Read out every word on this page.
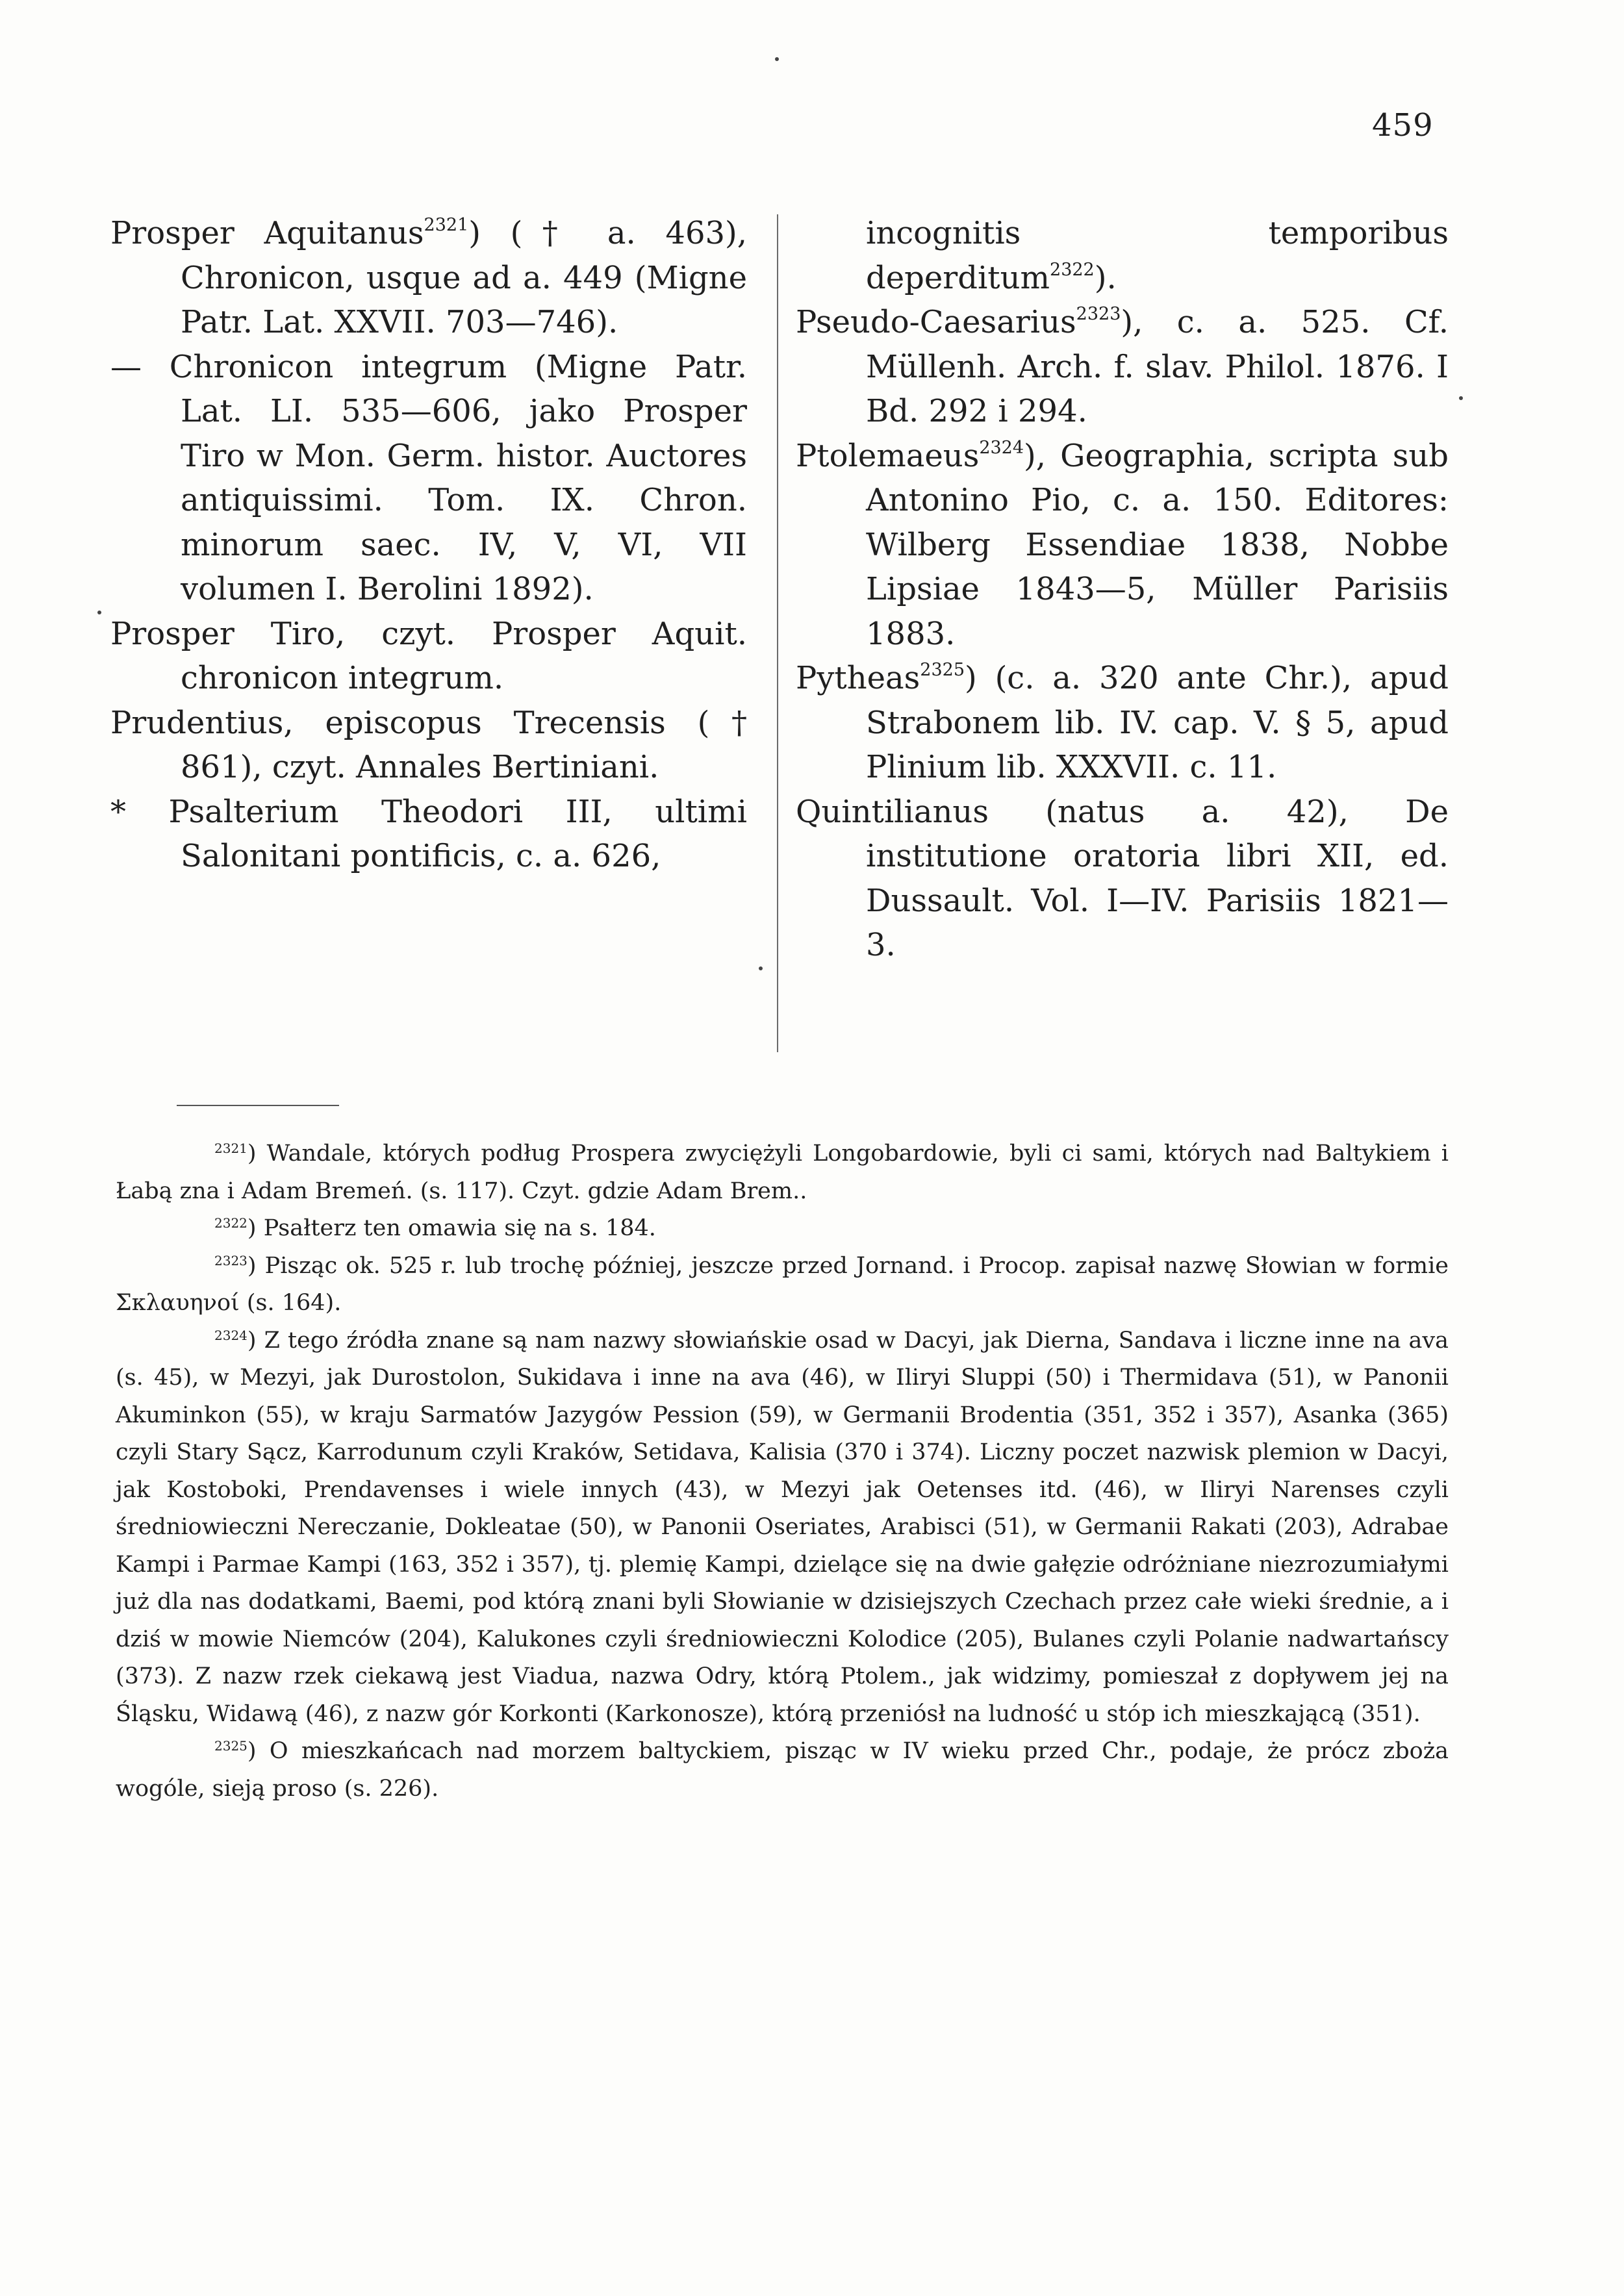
459

Prosper Aquitanus$^{2321}$) († a. 463), Chronicon, usque ad a. 449 (Migne Patr. Lat. XXVII. 703—746).

— Chronicon integrum (Migne Patr. Lat. LI. 535—606, jako Prosper Tiro w Mon. Germ. histor. Auctores antiquissimi. Tom. IX. Chron. minorum saec. IV, V, VI, VII volumen I. Berolini 1892).

Prosper Tiro, czyt. Prosper Aquit. chronicon integrum.

Prudentius, episcopus Trecensis († 861), czyt. Annales Bertiniani.

* Psalterium Theodori III, ultimi Salonitani pontificis, c. a. 626,

incognitis temporibus deperditum$^{2322}$).

Pseudo-Caesarius$^{2323}$), c. a. 525. Cf. Müllenh. Arch. f. slav. Philol. 1876. I Bd. 292 i 294.

Ptolemaeus$^{2324}$), Geographia, scripta sub Antonino Pio, c. a. 150. Editores: Wilberg Essendiae 1838, Nobbe Lipsiae 1843—5, Müller Parisiis 1883.

Pytheas$^{2325}$) (c. a. 320 ante Chr.), apud Strabonem lib. IV. cap. V. § 5, apud Plinium lib. XXXVII. c. 11.

Quintilianus (natus a. 42), De institutione oratoria libri XII, ed. Dussault. Vol. I—IV. Parisiis 1821—3.

$^{2321}$) Wandale, których podług Prospera zwyciężyli Longobardowie, byli ci sami, których nad Baltykiem i Łabą zna i Adam Bremeń. (s. 117). Czyt. gdzie Adam Brem..

$^{2322}$) Psałterz ten omawia się na s. 184.

$^{2323}$) Pisząc ok. 525 r. lub trochę później, jeszcze przed Jornand. i Procop. zapisał nazwę Słowian w formie Σκλαυηνοί (s. 164).

$^{2324}$) Z tego źródła znane są nam nazwy słowiańskie osad w Dacyi, jak Dierna, Sandava i liczne inne na ava (s. 45), w Mezyi, jak Durostolon, Sukidava i inne na ava (46), w Iliryi Sluppi (50) i Thermidava (51), w Panonii Akuminkon (55), w kraju Sarmatów Jazygów Pession (59), w Germanii Brodentia (351, 352 i 357), Asanka (365) czyli Stary Sącz, Karrodunum czyli Kraków, Setidava, Kalisia (370 i 374). Liczny poczet nazwisk plemion w Dacyi, jak Kostoboki, Prendavenses i wiele innych (43), w Mezyi jak Oetenses itd. (46), w Iliryi Narenses czyli średniowieczni Nereczanie, Dokleatae (50), w Panonii Oseriates, Arabisci (51), w Germanii Rakati (203), Adrabae Kampi i Parmae Kampi (163, 352 i 357), tj. plemię Kampi, dzielące się na dwie gałęzie odróżniane niezrozumiałymi już dla nas dodatkami, Baemi, pod którą znani byli Słowianie w dzisiejszych Czechach przez całe wieki średnie, a i dziś w mowie Niemców (204), Kalukones czyli średniowieczni Kolodice (205), Bulanes czyli Polanie nadwartańscy (373). Z nazw rzek ciekawą jest Viadua, nazwa Odry, którą Ptolem., jak widzimy, pomieszał z dopływem jej na Śląsku, Widawą (46), z nazw gór Korkonti (Karkonosze), którą przeniósł na ludność u stóp ich mieszkającą (351).

$^{2325}$) O mieszkańcach nad morzem baltyckiem, pisząc w IV wieku przed Chr., podaje, że prócz zboża wogóle, sieją proso (s. 226).
